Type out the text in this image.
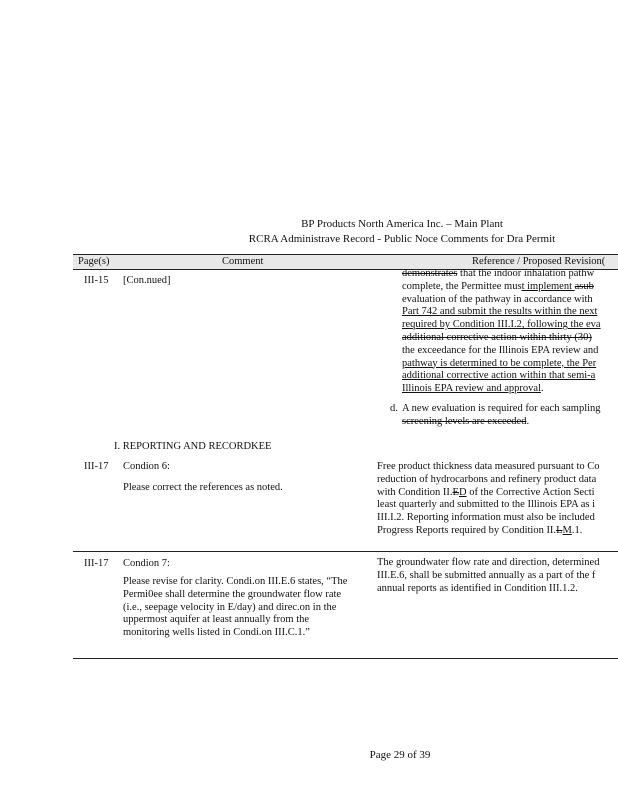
BP Products North America Inc. – Main Plant
RCRA Administrave Record - Public Noce Comments for Dra Permit
Page(s)	Comment	Reference / Proposed Revision(
III-15 [Con.nued]
demonstrates that the indoor inhalation pathw
complete, the Permittee must implement asub
evaluation of the pathway in accordance with
Part 742 and submit the results within the next
required by Condition III.I.2, following the eva
additional corrective action within thirty (30)
the exceedance for the Illinois EPA review and
pathway is determined to be complete, the Per
additional corrective action within that semi-a
Illinois EPA review and approval.
d. A new evaluation is required for each sampling
screening levels are exceeded.
I. REPORTING AND RECORDKEE
III-17 Condion 6:
Please correct the references as noted.
Free product thickness data measured pursuant to Co
reduction of hydrocarbons and refinery product data
with Condition II.ED of the Corrective Action Secti
least quarterly and submitted to the Illinois EPA as i
III.I.2. Reporting information must also be included
Progress Reports required by Condition II.LM.1.
III-17 Condion 7:
Please revise for clarity. Condi.on III.E.6 states, “The
Permi0ee shall determine the groundwater flow rate
(i.e., seepage velocity in E/day) and direc.on in the
uppermost aquifer at least annually from the
monitoring wells listed in Condi.on III.C.1.”
The groundwater flow rate and direction, determined
III.E.6, shall be submitted annually as a part of the f
annual reports as identified in Condition III.1.2.
Page 29 of 39
